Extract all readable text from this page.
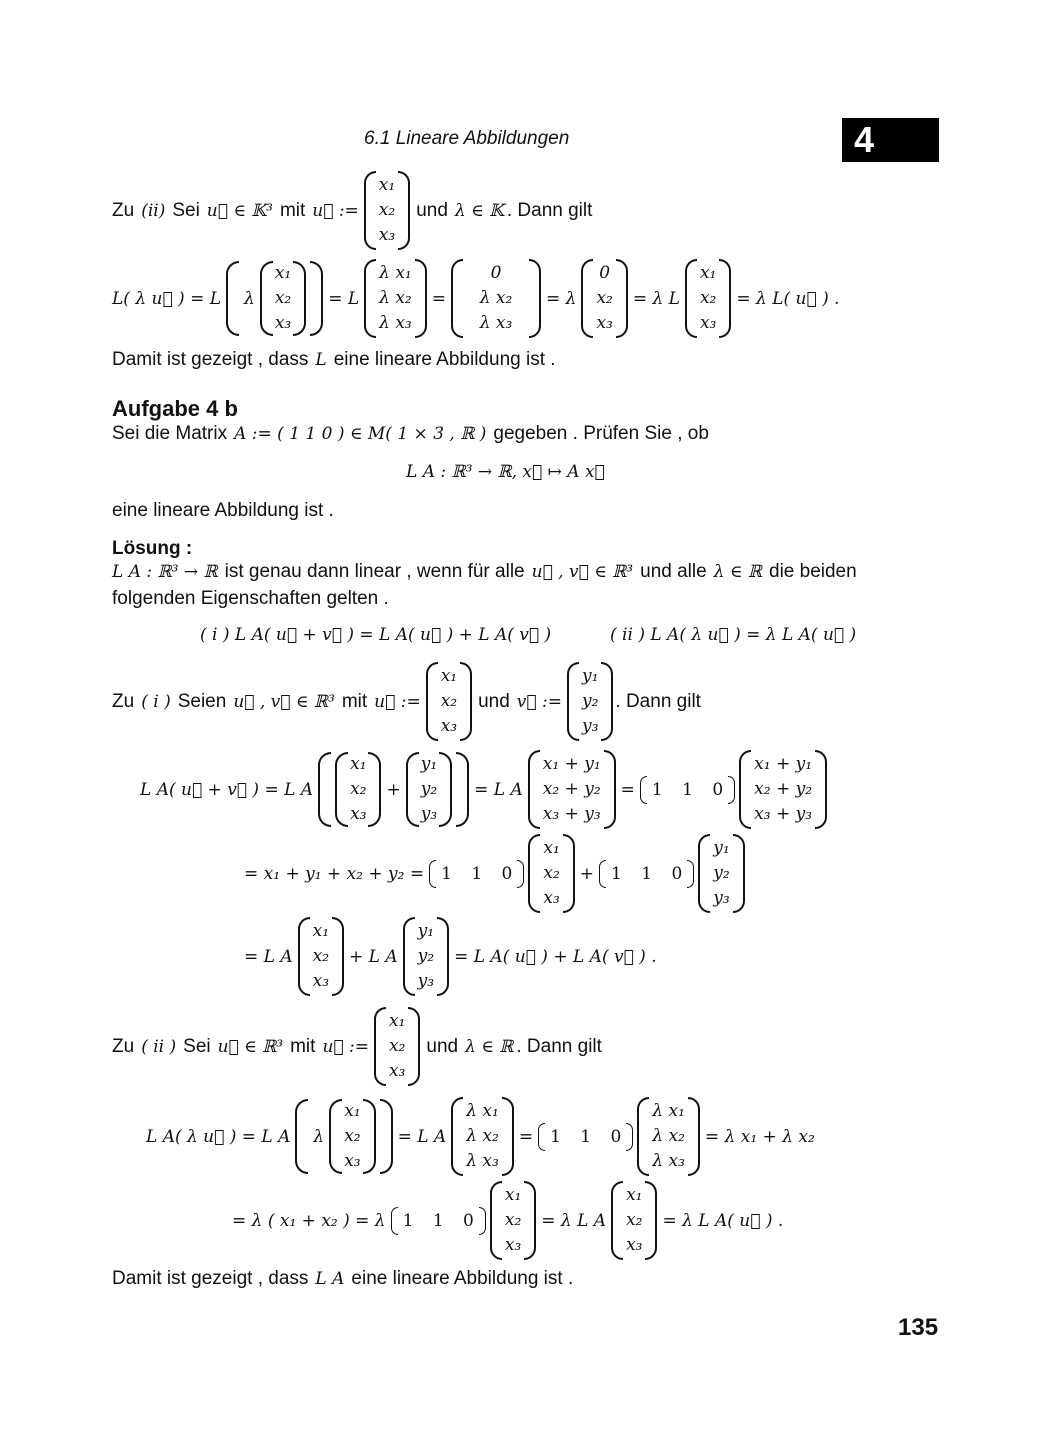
6.1 Lineare Abbildungen	4
Zu (ii) Sei u⃗ ∈ 𝕂³ mit u⃗ :=
x₁
x₂
x₃
und λ ∈ 𝕂 . Dann gilt
L( λ u⃗ ) = L λ
x₁
x₂
x₃
= L
λ x₁
λ x₂
λ x₃
=
0
λ x₂
λ x₃
= λ
0
x₂
x₃
= λ L
x₁
x₂
x₃
= λ L( u⃗ ) .
Damit ist gezeigt , dass L eine lineare Abbildung ist .
Aufgabe 4 b
Sei die Matrix A := ( 1 1 0 ) ∈ M( 1 × 3 , ℝ ) gegeben . Prüfen Sie , ob
L A : ℝ³ → ℝ, x⃗ ↦ A x⃗
eine lineare Abbildung ist .
Lösung :
L A : ℝ³ → ℝ ist genau dann linear , wenn für alle u⃗ , v⃗ ∈ ℝ³ und alle λ ∈ ℝ die beiden
folgenden Eigenschaften gelten .
( i ) L A( u⃗ + v⃗ ) = L A( u⃗ ) + L A( v⃗ )	( ii ) L A( λ u⃗ ) = λ L A( u⃗ )
Zu ( i ) Seien u⃗ , v⃗ ∈ ℝ³ mit u⃗ :=
x₁
x₂
x₃
und v⃗ :=
y₁
y₂
y₃
. Dann gilt
L A( u⃗ + v⃗ ) = L A
x₁
x₂
x₃
+
y₁
y₂
y₃
= L A
x₁ + y₁
x₂ + y₂
x₃ + y₃
= 1 1 0
x₁ + y₁
x₂ + y₂
x₃ + y₃
= x₁ + y₁ + x₂ + y₂ = 1 1 0
x₁
x₂
x₃
+ 1 1 0
y₁
y₂
y₃
= L A
x₁
x₂
x₃
+ L A
y₁
y₂
y₃
= L A( u⃗ ) + L A( v⃗ ) .
Zu ( ii ) Sei u⃗ ∈ ℝ³ mit u⃗ :=
x₁
x₂
x₃
und λ ∈ ℝ . Dann gilt
L A( λ u⃗ ) = L A λ
x₁
x₂
x₃
= L A
λ x₁
λ x₂
λ x₃
= 1 1 0
λ x₁
λ x₂
λ x₃
= λ x₁ + λ x₂
= λ ( x₁ + x₂ ) = λ 1 1 0
x₁
x₂
x₃
= λ L A
x₁
x₂
x₃
= λ L A( u⃗ ) .
Damit ist gezeigt , dass L A eine lineare Abbildung ist .
135
